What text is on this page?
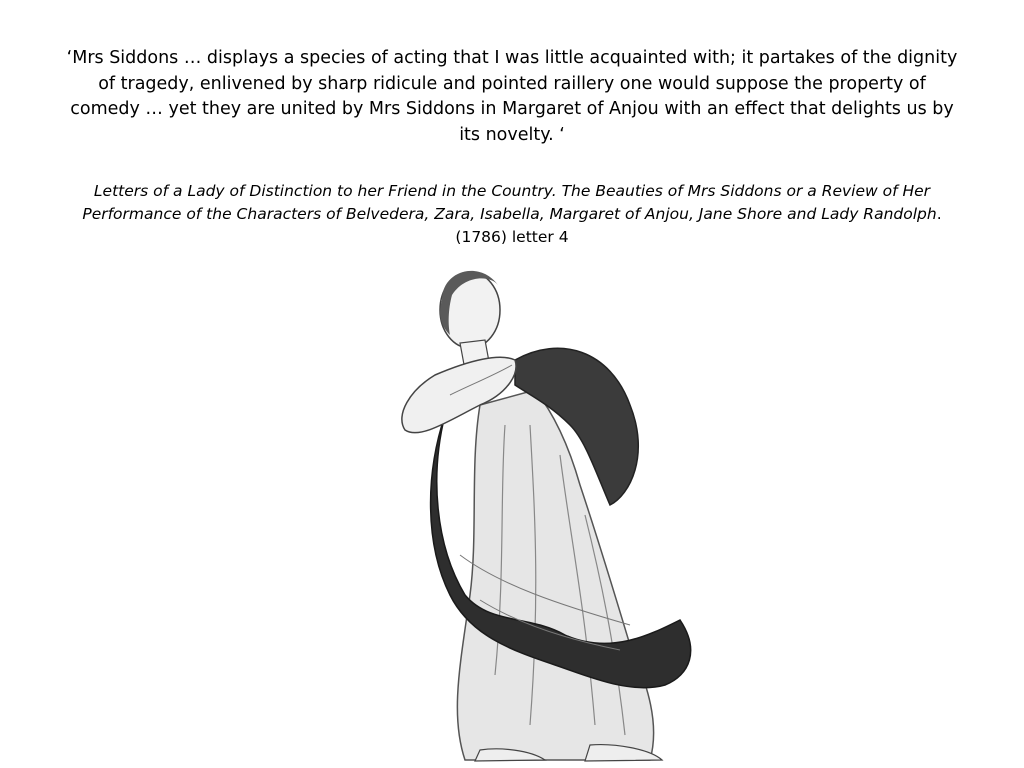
‘Mrs Siddons … displays a species of acting that I was little acquainted with; it partakes of the dignity of tragedy, enlivened by sharp ridicule and pointed raillery one would suppose the property of comedy … yet they are united by Mrs Siddons in Margaret of Anjou with an effect that delights us by its novelty. ‘
Letters of a Lady of Distinction to her Friend in the Country. The Beauties of Mrs Siddons or a Review of Her Performance of the Characters of Belvedera, Zara, Isabella, Margaret of Anjou, Jane Shore and Lady Randolph. (1786) letter 4
